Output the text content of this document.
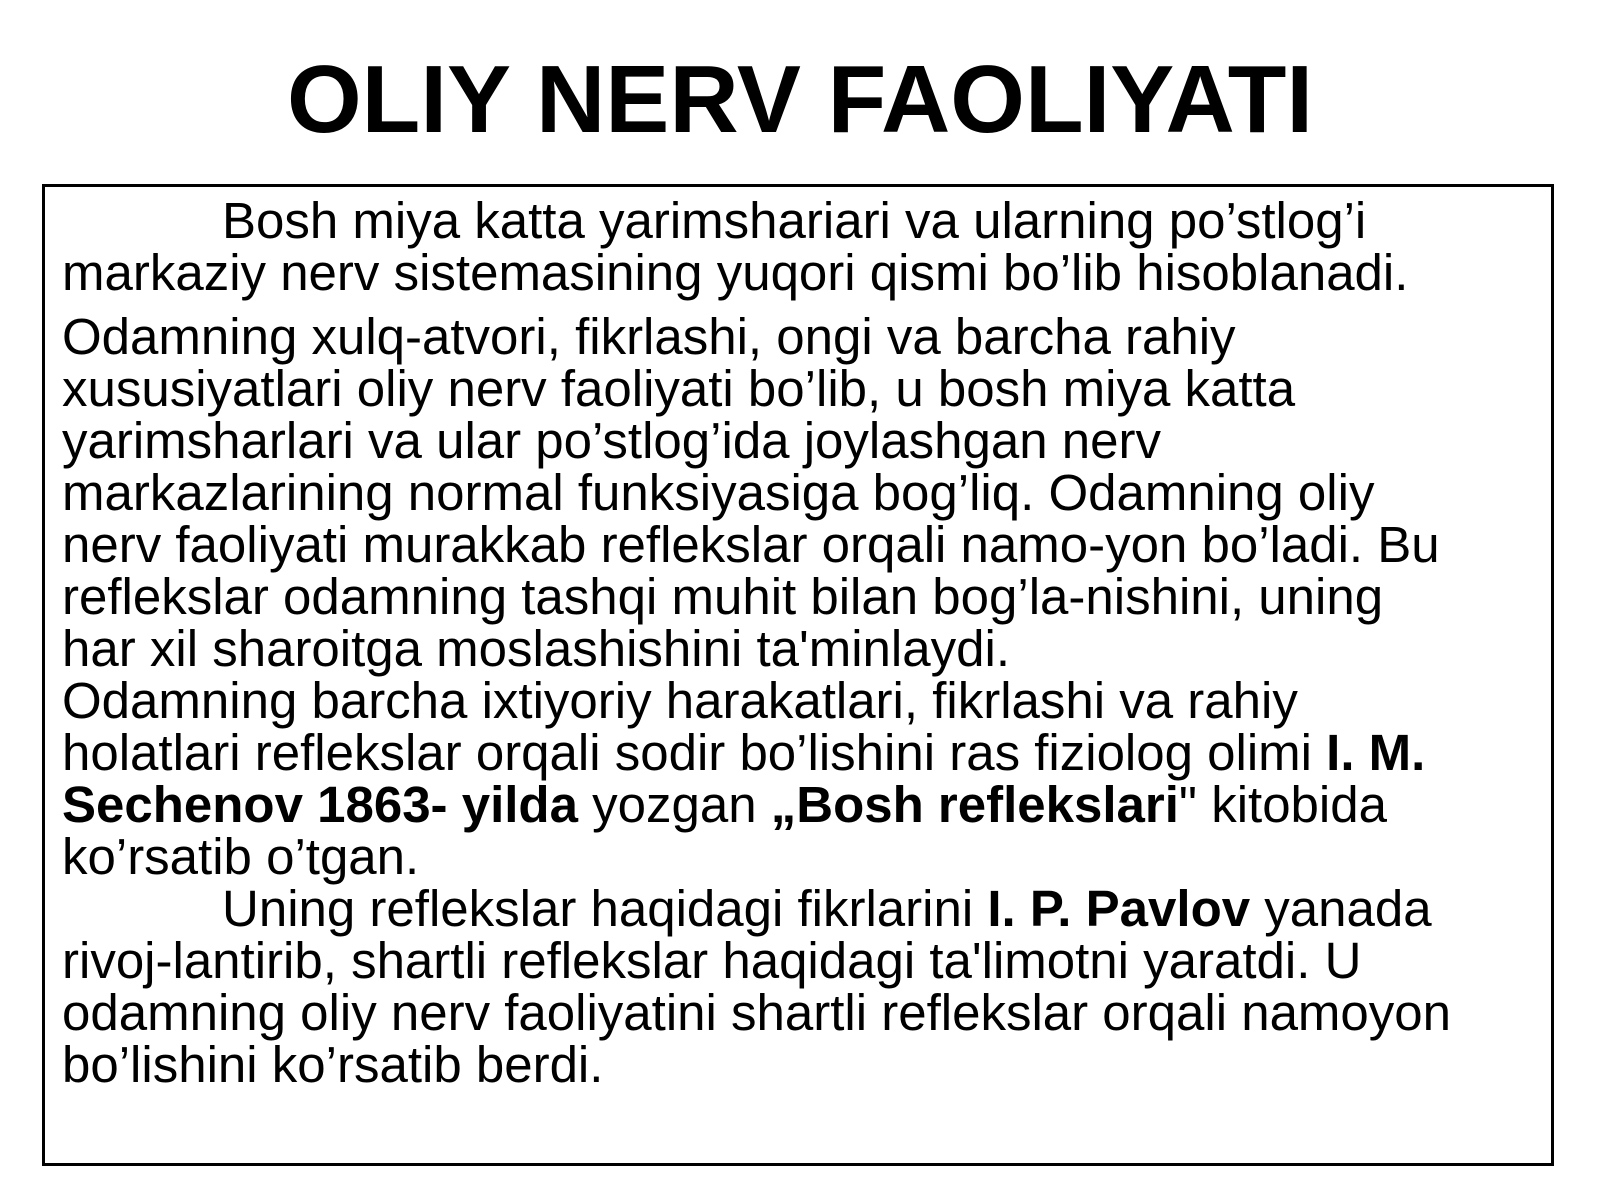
OLIY NERV FAOLIYATI
Bosh miya katta yarimshariari va ularning po’stlog’i
markaziy nerv sistemasining yuqori qismi bo’lib hisoblanadi.
Odamning xulq-atvori, fikrlashi, ongi va barcha rahiy
xususiyatlari oliy nerv faoliyati bo’lib, u bosh miya katta
yarimsharlari va ular po’stlog’ida joylashgan nerv
markazlarining normal funksiyasiga bog’liq. Odamning oliy
nerv faoliyati murakkab reflekslar orqali namo-yon bo’ladi. Bu
reflekslar odamning tashqi muhit bilan bog’la-nishini, uning
har xil sharoitga moslashishini ta'minlaydi.
Odamning barcha ixtiyoriy harakatlari, fikrlashi va rahiy
holatlari reflekslar orqali sodir bo’lishini ras fiziolog olimi I. M.
Sechenov 1863- yilda yozgan „Bosh reflekslari" kitobida
ko’rsatib o’tgan.
Uning reflekslar haqidagi fikrlarini I. P. Pavlov yanada
rivoj-lantirib, shartli reflekslar haqidagi ta'limotni yaratdi. U
odamning oliy nerv faoliyatini shartli reflekslar orqali namoyon
bo’lishini ko’rsatib berdi.
